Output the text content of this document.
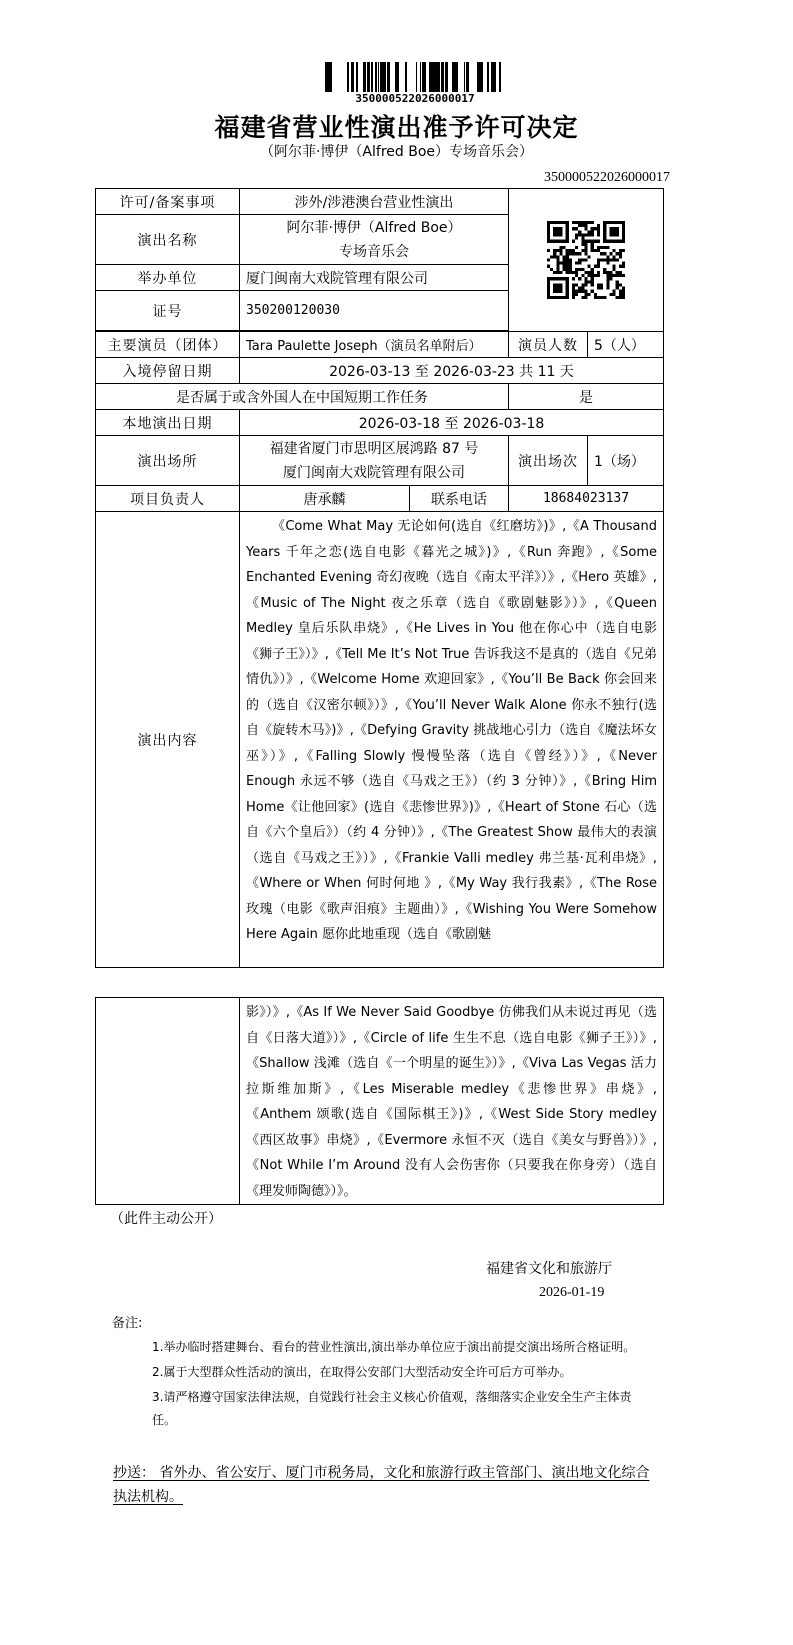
350000522026000017
福建省营业性演出准予许可决定
（阿尔菲·博伊（Alfred Boe）专场音乐会）
350000522026000017
许可/备案事项	涉外/涉港澳台营业性演出	

演出名称	阿尔菲·博伊（Alfred Boe）
专场音乐会			

举办单位	厦门闽南大戏院管理有限公司			
证号	350200120030			

主要演员（团体）	Tara Paulette Joseph（演员名单附后）		演员人数	5（人）
入境停留日期	2026-03-13 至 2026-03-23 共 11 天			
是否属于或含外国人在中国短期工作任务			是	
本地演出日期	2026-03-18 至 2026-03-18			
演出场所	福建省厦门市思明区展鸿路 87 号
厦门闽南大戏院管理有限公司		演出场次	1（场）
项目负责人	唐承麟	联系电话	18684023137	
演出内容	《Come What May 无论如何(选自《红磨坊》)》,《A Thousand Years 千年之恋(选自电影《暮光之城》)》,《Run 奔跑》,《Some Enchanted Evening 奇幻夜晚（选自《南太平洋》）》,《Hero 英雄》,《Music of The Night 夜之乐章（选自《歌剧魅影》）》,《Queen Medley 皇后乐队串烧》,《He Lives in You 他在你心中（选自电影《狮子王》）》,《Tell Me It’s Not True 告诉我这不是真的（选自《兄弟情仇》）》,《Welcome Home 欢迎回家》,《You’ll Be Back 你会回来的（选自《汉密尔顿》）》,《You’ll Never Walk Alone 你永不独行(选自《旋转木马》)》,《Defying Gravity 挑战地心引力（选自《魔法坏女巫》）》,《Falling Slowly 慢慢坠落（选自《曾经》）》,《Never Enough 永远不够（选自《马戏之王》）（约 3 分钟）》,《Bring Him Home《让他回家》(选自《悲惨世界》)》,《Heart of Stone 石心（选自《六个皇后》）（约 4 分钟）》,《The Greatest Show 最伟大的表演（选自《马戏之王》）》,《Frankie Valli medley 弗兰基·瓦利串烧》,《Where or When 何时何地 》,《My Way 我行我素》,《The Rose 玫瑰（电影《歌声泪痕》主题曲）》,《Wishing You Were Somehow Here Again 愿你此地重现（选自《歌剧魅			

影》）》,《As If We Never Said Goodbye 仿佛我们从未说过再见（选自《日落大道》）》,《Circle of life 生生不息（选自电影《狮子王》）》,《Shallow 浅滩（选自《一个明星的诞生》）》,《Viva Las Vegas 活力拉斯维加斯》,《Les Miserable medley《悲惨世界》串烧》,《Anthem 颂歌(选自《国际棋王》)》,《West Side Story medley 《西区故事》串烧》,《Evermore 永恒不灭（选自《美女与野兽》）》,《Not While I’m Around 没有人会伤害你（只要我在你身旁）（选自《理发师陶德》）》。
（此件主动公开）
福建省文化和旅游厅
2026-01-19
备注:
1.举办临时搭建舞台、看台的营业性演出,演出举办单位应于演出前提交演出场所合格证明。
2.属于大型群众性活动的演出，在取得公安部门大型活动安全许可后方可举办。
3.请严格遵守国家法律法规，自觉践行社会主义核心价值观，落细落实企业安全生产主体责任。
抄送： 省外办、省公安厅、厦门市税务局，文化和旅游行政主管部门、演出地文化综合执法机构。
